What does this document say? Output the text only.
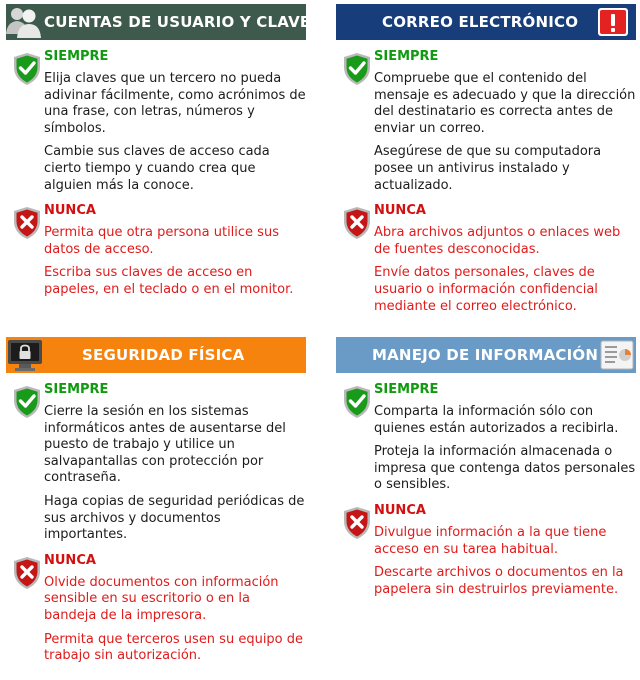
CUENTAS DE USUARIO Y CLAVES
SIEMPRE
Elija claves que un tercero no pueda adivinar fácilmente, como acrónimos de una frase, con letras, números y símbolos.
Cambie sus claves de acceso cada cierto tiempo y cuando crea que alguien más la conoce.
NUNCA
Permita que otra persona utilice sus datos de acceso.
Escriba sus claves de acceso en papeles, en el teclado o en el monitor.
CORREO ELECTRÓNICO
SIEMPRE
Compruebe que el contenido del mensaje es adecuado y que la dirección del destinatario es correcta antes de enviar un correo.
Asegúrese de que su computadora posee un antivirus instalado y actualizado.
NUNCA
Abra archivos adjuntos o enlaces web de fuentes desconocidas.
Envíe datos personales, claves de usuario o información confidencial mediante el correo electrónico.
SEGURIDAD FÍSICA
SIEMPRE
Cierre la sesión en los sistemas informáticos antes de ausentarse del puesto de trabajo y utilice un salvapantallas con protección por contraseña.
Haga copias de seguridad periódicas de sus archivos y documentos importantes.
NUNCA
Olvide documentos con información sensible en su escritorio o en la bandeja de la impresora.
Permita que terceros usen su equipo de trabajo sin autorización.
MANEJO DE INFORMACIÓN
SIEMPRE
Comparta la información sólo con quienes están autorizados a recibirla.
Proteja la información almacenada o impresa que contenga datos personales o sensibles.
NUNCA
Divulgue información a la que tiene acceso en su tarea habitual.
Descarte archivos o documentos en la papelera sin destruirlos previamente.
